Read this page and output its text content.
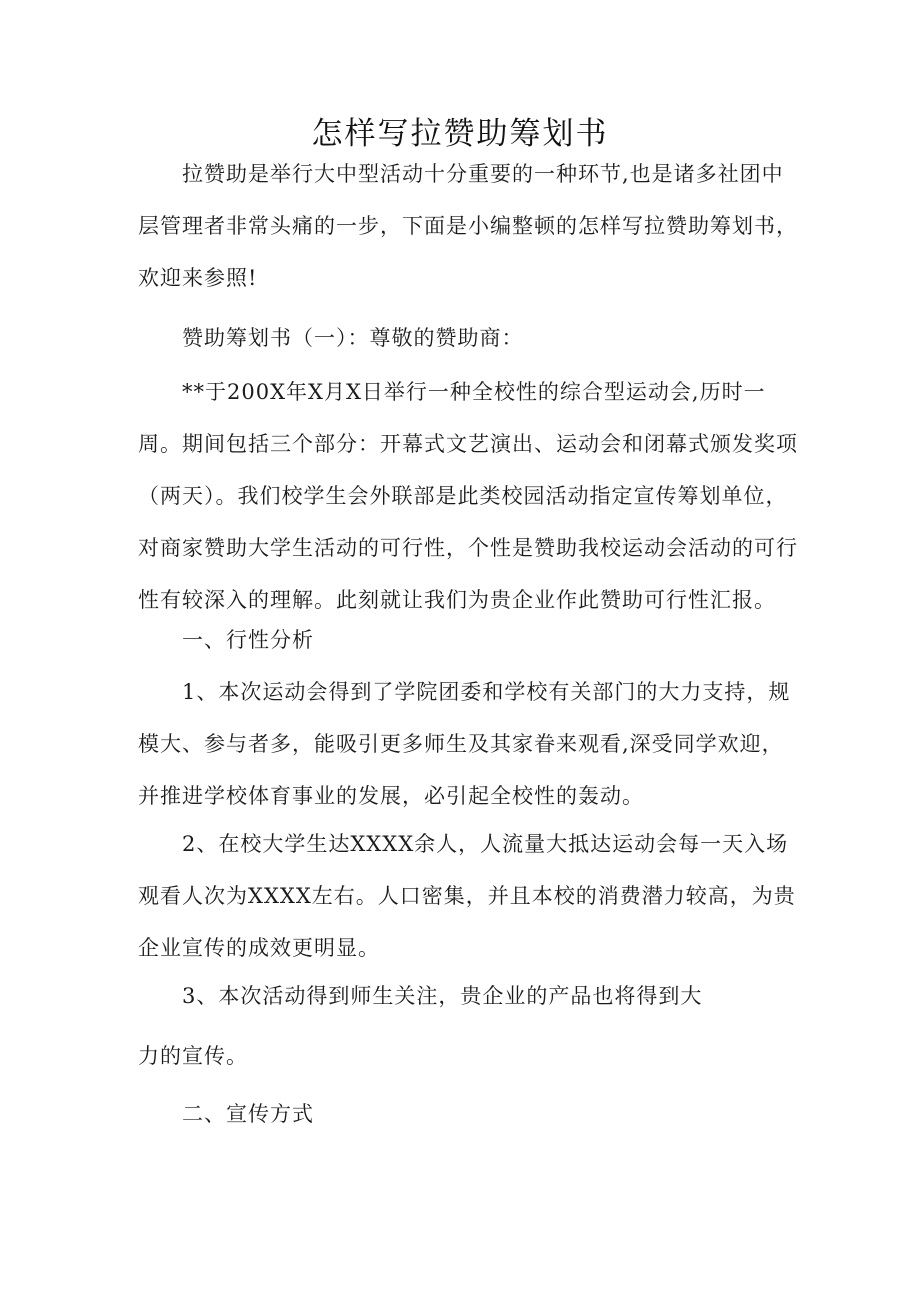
怎样写拉赞助筹划书
拉赞助是举行大中型活动十分重要的一种环节,也是诸多社团中
层管理者非常头痛的一步，下面是小编整顿的怎样写拉赞助筹划书，
欢迎来参照!
赞助筹划书（一）：尊敬的赞助商：
**于200X年X月X日举行一种全校性的综合型运动会,历时一
周。期间包括三个部分：开幕式文艺演出、运动会和闭幕式颁发奖项
（两天）。我们校学生会外联部是此类校园活动指定宣传筹划单位，
对商家赞助大学生活动的可行性，个性是赞助我校运动会活动的可行
性有较深入的理解。此刻就让我们为贵企业作此赞助可行性汇报。
一、行性分析
1、本次运动会得到了学院团委和学校有关部门的大力支持，规
模大、参与者多，能吸引更多师生及其家眷来观看,深受同学欢迎，
并推进学校体育事业的发展，必引起全校性的轰动。
2、在校大学生达XXXX余人，人流量大抵达运动会每一天入场
观看人次为XXXX左右。人口密集，并且本校的消费潜力较高，为贵
企业宣传的成效更明显。
3、本次活动得到师生关注，贵企业的产品也将得到大
力的宣传。
二、宣传方式
